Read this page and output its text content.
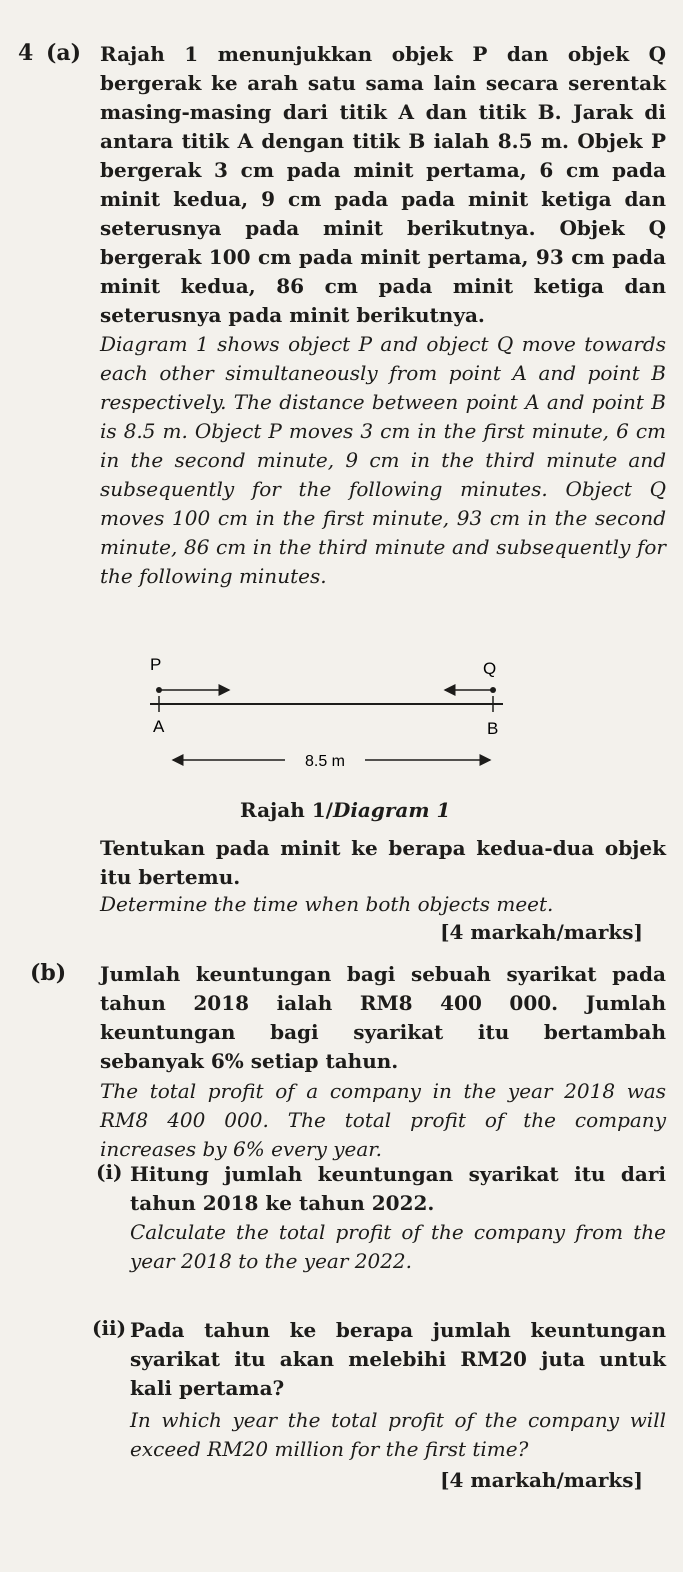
4 (a) Rajah 1 menunjukkan objek P dan objek Q bergerak ke arah satu sama lain secara serentak masing-masing dari titik A dan titik B. Jarak di antara titik A dengan titik B ialah 8.5 m. Objek P bergerak 3 cm pada minit pertama, 6 cm pada minit kedua, 9 cm pada pada minit ketiga dan seterusnya pada minit berikutnya. Objek Q bergerak 100 cm pada minit pertama, 93 cm pada minit kedua, 86 cm pada minit ketiga dan seterusnya pada minit berikutnya.

Diagram 1 shows object P and object Q move towards each other simultaneously from point A and point B respectively. The distance between point A and point B is 8.5 m. Object P moves 3 cm in the first minute, 6 cm in the second minute, 9 cm in the third minute and subsequently for the following minutes. Object Q moves 100 cm in the first minute, 93 cm in the second minute, 86 cm in the third minute and subsequently for the following minutes.

P	Q
A	B
8.5 m

Rajah 1/Diagram 1

Tentukan pada minit ke berapa kedua-dua objek itu bertemu.

Determine the time when both objects meet.

[4 markah/marks]

(b) Jumlah keuntungan bagi sebuah syarikat pada tahun 2018 ialah RM8 400 000. Jumlah keuntungan bagi syarikat itu bertambah sebanyak 6% setiap tahun.

The total profit of a company in the year 2018 was RM8 400 000. The total profit of the company increases by 6% every year.

(i) Hitung jumlah keuntungan syarikat itu dari tahun 2018 ke tahun 2022.

Calculate the total profit of the company from the year 2018 to the year 2022.

(ii) Pada tahun ke berapa jumlah keuntungan syarikat itu akan melebihi RM20 juta untuk kali pertama?

In which year the total profit of the company will exceed RM20 million for the first time?

[4 markah/marks]
